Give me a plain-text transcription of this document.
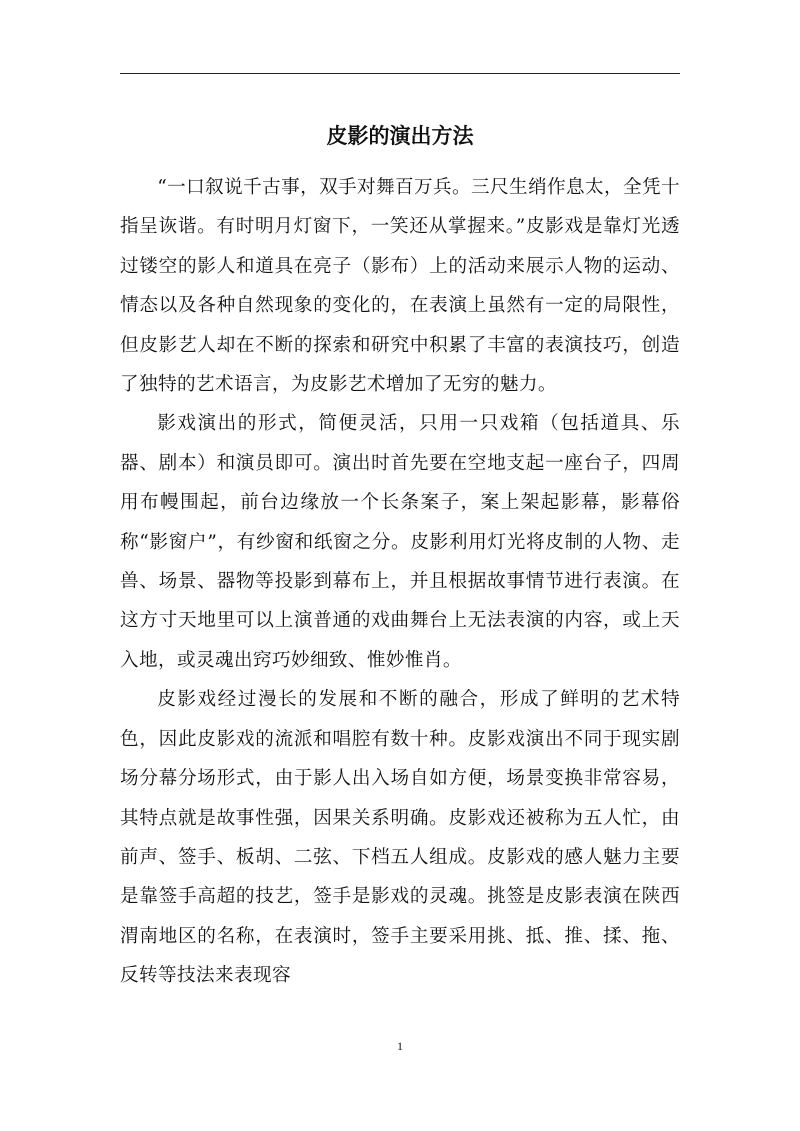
皮影的演出方法

“一口叙说千古事，双手对舞百万兵。三尺生绡作息太，全凭十指呈诙谐。有时明月灯窗下，一笑还从掌握来。”皮影戏是靠灯光透过镂空的影人和道具在亮子（影布）上的活动来展示人物的运动、情态以及各种自然现象的变化的，在表演上虽然有一定的局限性，但皮影艺人却在不断的探索和研究中积累了丰富的表演技巧，创造了独特的艺术语言，为皮影艺术增加了无穷的魅力。

影戏演出的形式，简便灵活，只用一只戏箱（包括道具、乐器、剧本）和演员即可。演出时首先要在空地支起一座台子，四周用布幔围起，前台边缘放一个长条案子，案上架起影幕，影幕俗称“影窗户”，有纱窗和纸窗之分。皮影利用灯光将皮制的人物、走兽、场景、器物等投影到幕布上，并且根据故事情节进行表演。在这方寸天地里可以上演普通的戏曲舞台上无法表演的内容，或上天入地，或灵魂出窍巧妙细致、惟妙惟肖。

皮影戏经过漫长的发展和不断的融合，形成了鲜明的艺术特色，因此皮影戏的流派和唱腔有数十种。皮影戏演出不同于现实剧场分幕分场形式，由于影人出入场自如方便，场景变换非常容易，其特点就是故事性强，因果关系明确。皮影戏还被称为五人忙，由前声、签手、板胡、二弦、下档五人组成。皮影戏的感人魅力主要是靠签手高超的技艺，签手是影戏的灵魂。挑签是皮影表演在陕西渭南地区的名称，在表演时，签手主要采用挑、抵、推、揉、拖、反转等技法来表现容

1
